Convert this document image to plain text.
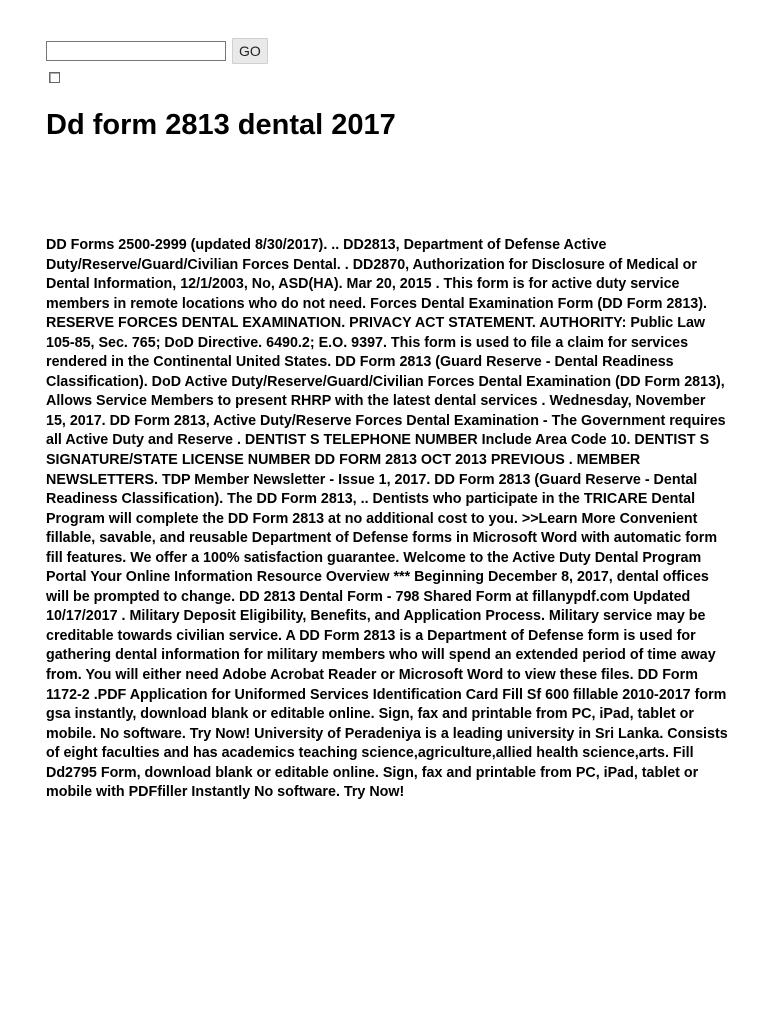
GO
Dd form 2813 dental 2017

DD Forms 2500-2999 (updated 8/30/2017). .. DD2813, Department of Defense Active Duty/Reserve/Guard/Civilian Forces Dental. . DD2870, Authorization for Disclosure of Medical or Dental Information, 12/1/2003, No, ASD(HA). Mar 20, 2015 . This form is for active duty service members in remote locations who do not need. Forces Dental Examination Form (DD Form 2813). RESERVE FORCES DENTAL EXAMINATION. PRIVACY ACT STATEMENT. AUTHORITY: Public Law 105-85, Sec. 765; DoD Directive. 6490.2; E.O. 9397. This form is used to file a claim for services rendered in the Continental United States. DD Form 2813 (Guard Reserve - Dental Readiness Classification). DoD Active Duty/Reserve/Guard/Civilian Forces Dental Examination (DD Form 2813), Allows Service Members to present RHRP with the latest dental services . Wednesday, November 15, 2017. DD Form 2813, Active Duty/Reserve Forces Dental Examination - The Government requires all Active Duty and Reserve . DENTIST S TELEPHONE NUMBER Include Area Code 10. DENTIST S SIGNATURE/STATE LICENSE NUMBER DD FORM 2813 OCT 2013 PREVIOUS . MEMBER NEWSLETTERS. TDP Member Newsletter - Issue 1, 2017. DD Form 2813 (Guard Reserve - Dental Readiness Classification). The DD Form 2813, .. Dentists who participate in the TRICARE Dental Program will complete the DD Form 2813 at no additional cost to you. >>Learn More Convenient fillable, savable, and reusable Department of Defense forms in Microsoft Word with automatic form fill features. We offer a 100% satisfaction guarantee. Welcome to the Active Duty Dental Program Portal Your Online Information Resource Overview *** Beginning December 8, 2017, dental offices will be prompted to change. DD 2813 Dental Form - 798 Shared Form at fillanypdf.com Updated 10/17/2017 . Military Deposit Eligibility, Benefits, and Application Process. Military service may be creditable towards civilian service. A DD Form 2813 is a Department of Defense form is used for gathering dental information for military members who will spend an extended period of time away from. You will either need Adobe Acrobat Reader or Microsoft Word to view these files. DD Form 1172-2 .PDF Application for Uniformed Services Identification Card Fill Sf 600 fillable 2010-2017 form gsa instantly, download blank or editable online. Sign, fax and printable from PC, iPad, tablet or mobile. No software. Try Now! University of Peradeniya is a leading university in Sri Lanka. Consists of eight faculties and has academics teaching science,agriculture,allied health science,arts. Fill Dd2795 Form, download blank or editable online. Sign, fax and printable from PC, iPad, tablet or mobile with PDFfiller Instantly No software. Try Now!
